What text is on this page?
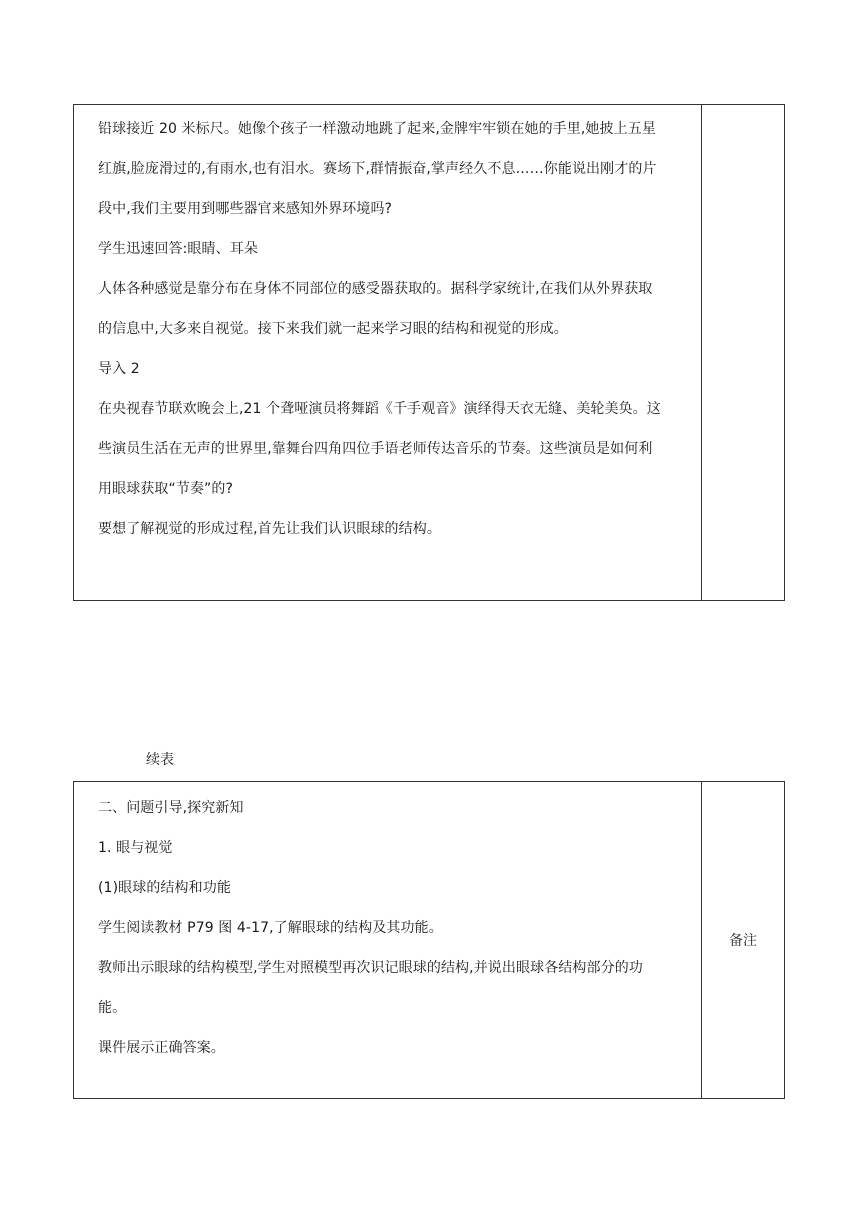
铅球接近 20 米标尺。她像个孩子一样激动地跳了起来,金牌牢牢锁在她的手里,她披上五星

红旗,脸庞滑过的,有雨水,也有泪水。赛场下,群情振奋,掌声经久不息……你能说出刚才的片

段中,我们主要用到哪些器官来感知外界环境吗?

学生迅速回答:眼睛、耳朵

人体各种感觉是靠分布在身体不同部位的感受器获取的。据科学家统计,在我们从外界获取

的信息中,大多来自视觉。接下来我们就一起来学习眼的结构和视觉的形成。

导入 2

在央视春节联欢晚会上,21 个聋哑演员将舞蹈《千手观音》演绎得天衣无缝、美轮美奂。这

些演员生活在无声的世界里,靠舞台四角四位手语老师传达音乐的节奏。这些演员是如何利

用眼球获取“节奏”的?

要想了解视觉的形成过程,首先让我们认识眼球的结构。

续表

二、问题引导,探究新知

1. 眼与视觉

(1)眼球的结构和功能

学生阅读教材 P79 图 4-17,了解眼球的结构及其功能。

教师出示眼球的结构模型,学生对照模型再次识记眼球的结构,并说出眼球各结构部分的功

能。

课件展示正确答案。

备注
